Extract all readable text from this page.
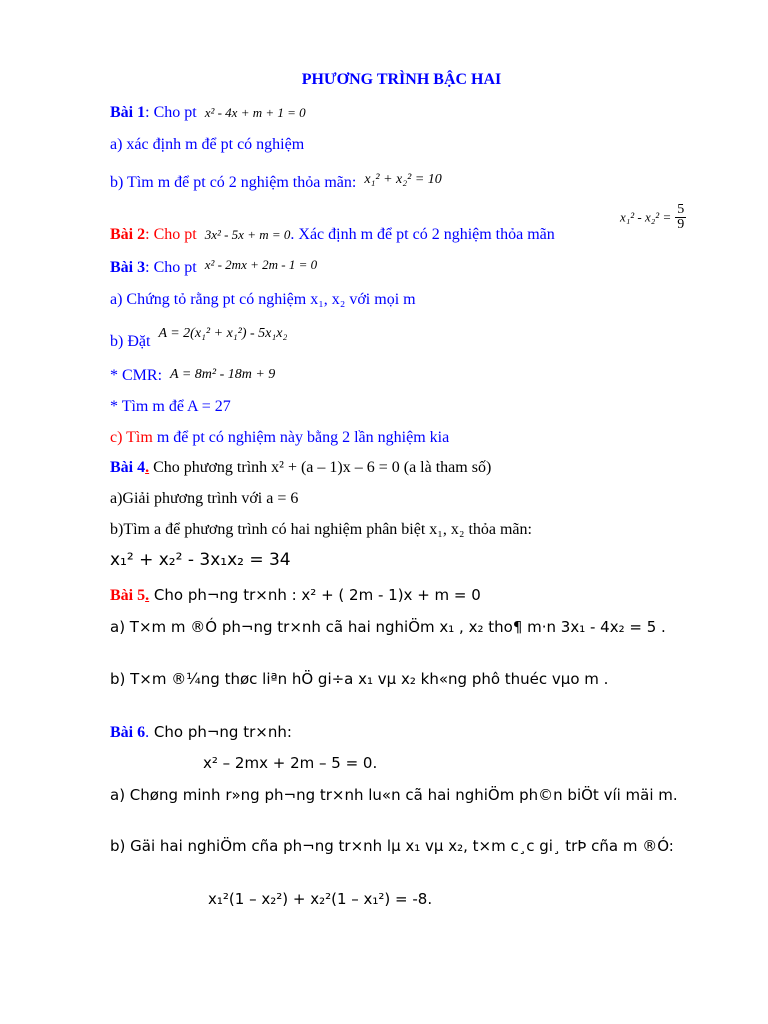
PHƯƠNG TRÌNH BẬC HAI
Bài 1: Cho pt x² - 4x + m + 1 = 0
a) xác định m để pt có nghiệm
b) Tìm m để pt có 2 nghiệm thỏa mãn: x₁² + x₂² = 10
Bài 2: Cho pt 3x² - 5x + m = 0. Xác định m để pt có 2 nghiệm thỏa mãn
$x_1^2 - x_2^2 = \frac{5}{9}$
Bài 3: Cho pt x² - 2mx + 2m - 1 = 0
a) Chứng tỏ rằng pt có nghiệm x₁, x₂ với mọi m
b) Đặt A = 2(x₁² + x₁²) - 5x₁x₂
* CMR: A = 8m² - 18m + 9
* Tìm m để A = 27
c) Tìm m để pt có nghiệm này bằng 2 lần nghiệm kia
Bài 4. Cho phương trình x² + (a – 1)x – 6 = 0 (a là tham số)
a)Giải phương trình với a = 6
b)Tìm a để phương trình có hai nghiệm phân biệt x₁, x₂ thỏa mãn:
x₁² + x₂² - 3x₁x₂ = 34
Bài 5. Cho ph¬ng tr×nh : x² + ( 2m - 1)x + m = 0
a) T×m m ®Ó ph¬ng tr×nh cã hai nghiÖm x₁ , x₂ tho¶ m·n 3x₁ - 4x₂ = 5 .
b) T×m ®¼ng thøc liªn hÖ gi÷a x₁ vµ x₂ kh«ng phô thuéc vµo m .
Bài 6. Cho ph¬ng tr×nh:
x² – 2mx + 2m – 5 = 0.
a) Chøng minh r»ng ph¬ng tr×nh lu«n cã hai nghiÖm ph©n biÖt víi mäi m.
b) Gäi hai nghiÖm cña ph¬ng tr×nh lµ x₁ vµ x₂, t×m c¸c gi¸ trÞ cña m ®Ó:
x₁²(1 – x₂²) + x₂²(1 – x₁²) = -8.
